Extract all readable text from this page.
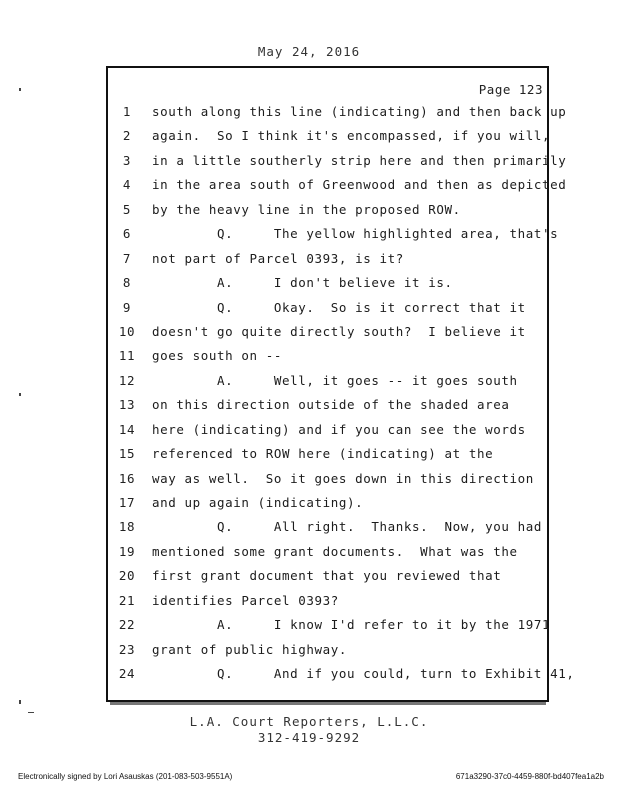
May 24, 2016
Page 123
1	south along this line (indicating) and then back up
2	again.  So I think it's encompassed, if you will,
3	in a little southerly strip here and then primarily
4	in the area south of Greenwood and then as depicted
5	by the heavy line in the proposed ROW.
6	Q.     The yellow highlighted area, that's
7	not part of Parcel 0393, is it?
8	A.     I don't believe it is.
9	Q.     Okay.  So is it correct that it
10 doesn't go quite directly south?  I believe it
11 goes south on --
12 A.     Well, it goes -- it goes south
13 on this direction outside of the shaded area
14 here (indicating) and if you can see the words
15 referenced to ROW here (indicating) at the
16 way as well.  So it goes down in this direction
17 and up again (indicating).
18 Q.     All right.  Thanks.  Now, you had
19 mentioned some grant documents.  What was the
20 first grant document that you reviewed that
21 identifies Parcel 0393?
22 A.     I know I'd refer to it by the 1971
23 grant of public highway.
24 Q.     And if you could, turn to Exhibit 41,
L.A. Court Reporters, L.L.C.
312-419-9292
Electronically signed by Lori Asauskas (201-083-503-9551A)	671a3290-37c0-4459-880f-bd407fea1a2b
